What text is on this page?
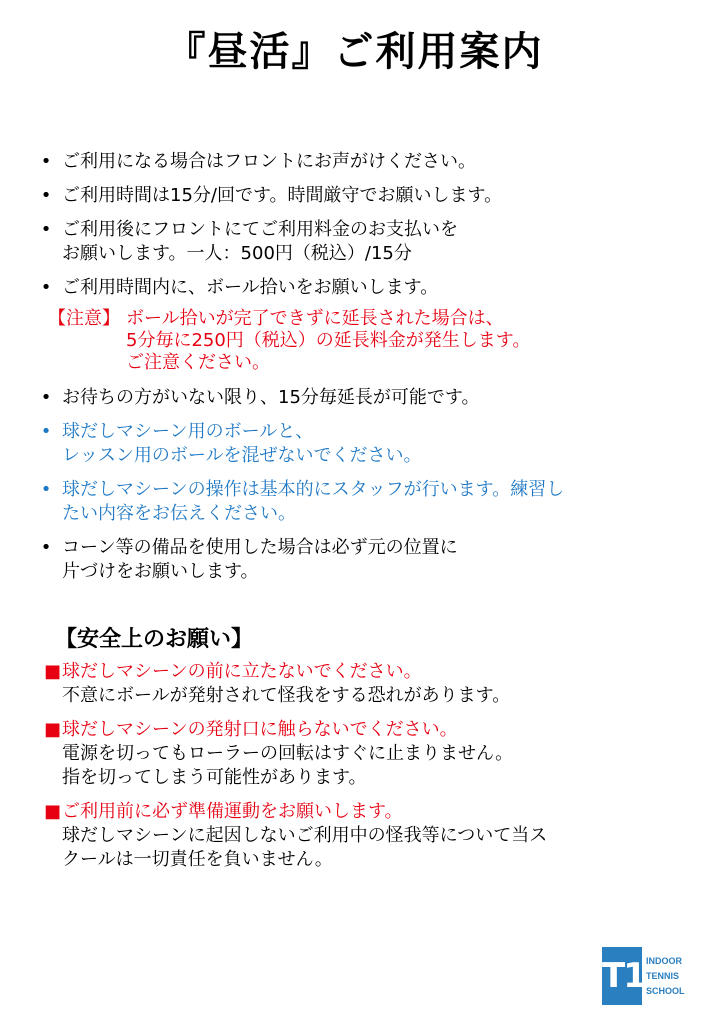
『昼活』ご利用案内
• ご利用になる場合はフロントにお声がけください。
• ご利用時間は15分/回です。時間厳守でお願いします。
• ご利用後にフロントにてご利用料金のお支払いを
お願いします。一人：500円（税込）/15分
• ご利用時間内に、ボール拾いをお願いします。
【注意】 ボール拾いが完了できずに延長された場合は、
5分毎に250円（税込）の延長料金が発生します。
ご注意ください。
• お待ちの方がいない限り、15分毎延長が可能です。
• 球だしマシーン用のボールと、
レッスン用のボールを混ぜないでください。
• 球だしマシーンの操作は基本的にスタッフが行います。練習し
たい内容をお伝えください。
• コーン等の備品を使用した場合は必ず元の位置に
片づけをお願いします。
【安全上のお願い】
■ 球だしマシーンの前に立たないでください。
不意にボールが発射されて怪我をする恐れがあります。
■ 球だしマシーンの発射口に触らないでください。
電源を切ってもローラーの回転はすぐに止まりません。
指を切ってしまう可能性があります。
■ ご利用前に必ず準備運動をお願いします。
球だしマシーンに起因しないご利用中の怪我等について当ス
クールは一切責任を負いません。
T1 INDOOR
TENNIS
SCHOOL
